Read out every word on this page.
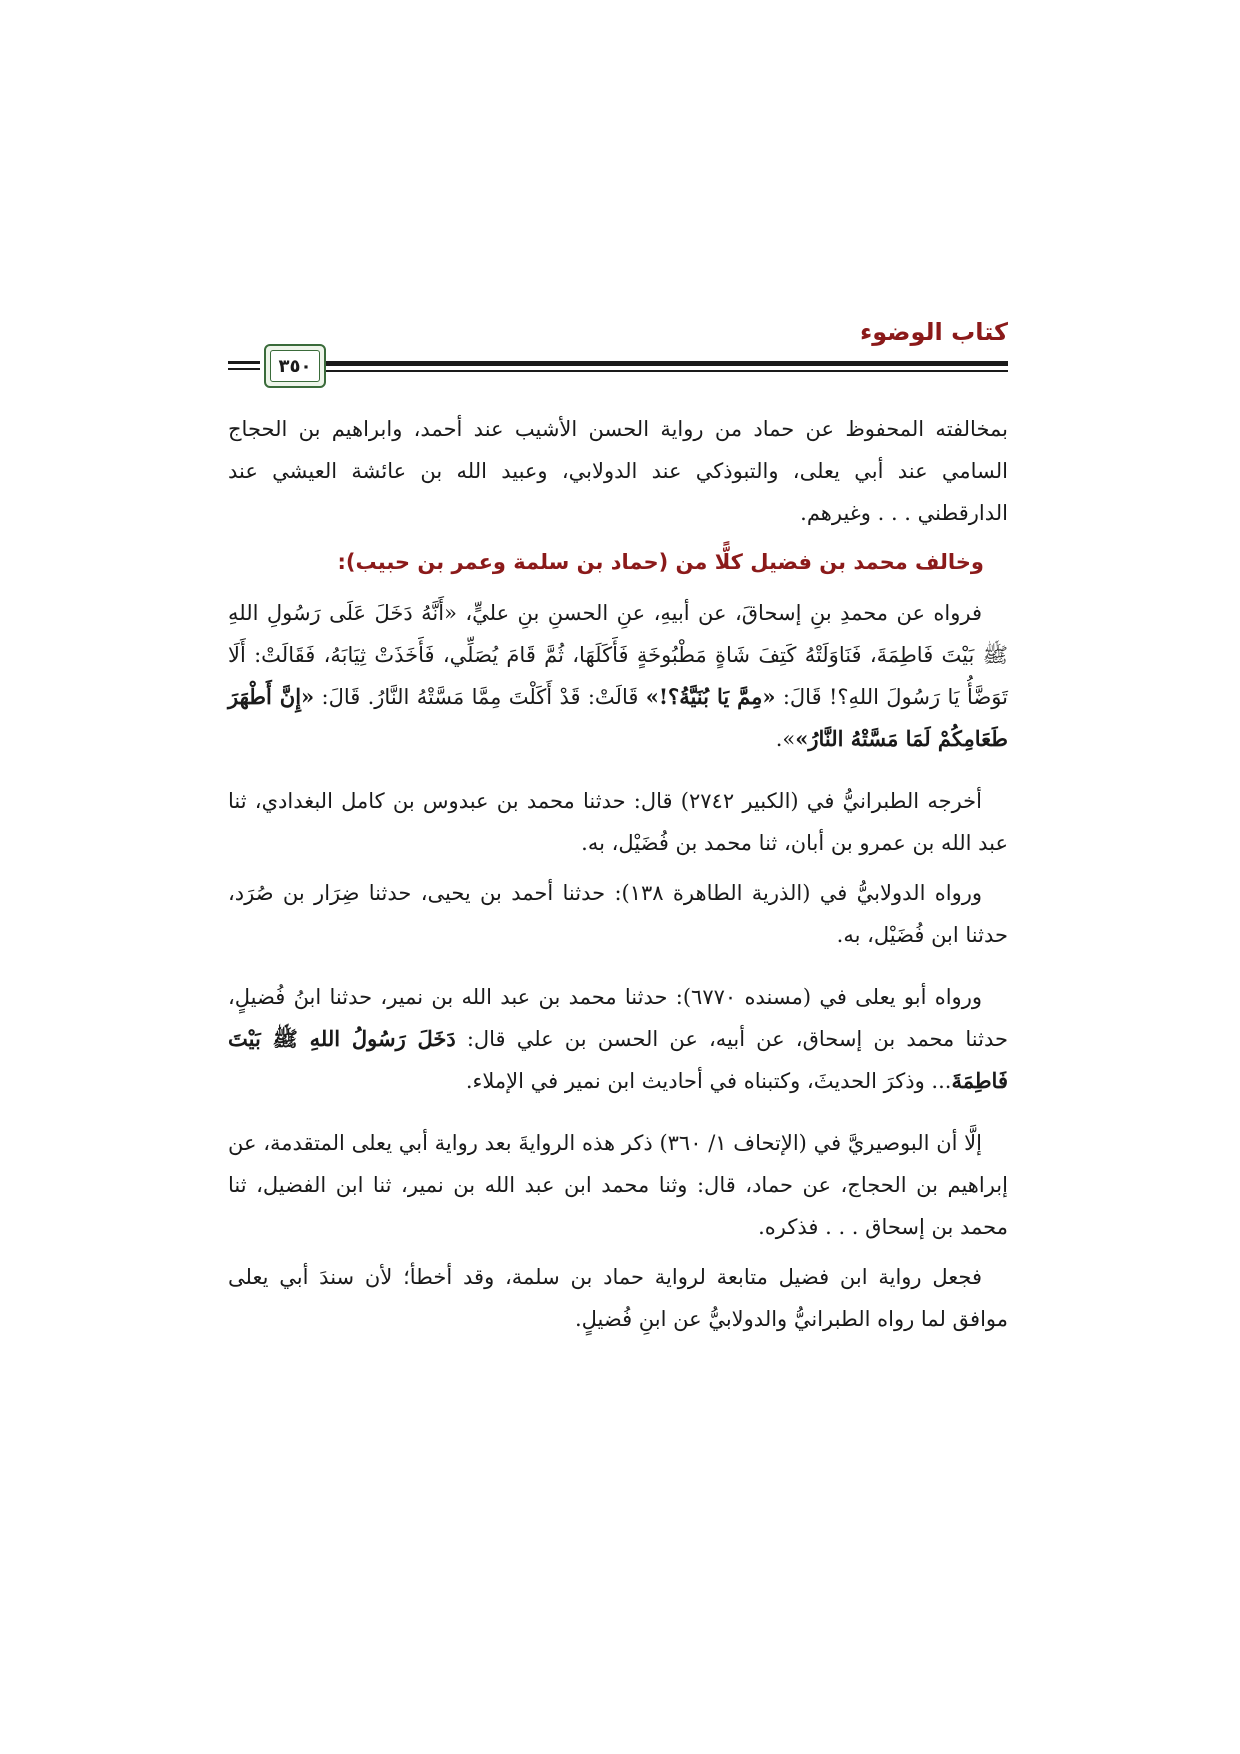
كتاب الوضوء
٣٥٠

بمخالفته المحفوظ عن حماد من رواية الحسن الأشيب عند أحمد، وابراهيم بن الحجاج السامي عند أبي يعلى، والتبوذكي عند الدولابي، وعبيد الله بن عائشة العيشي عند الدارقطني . . . وغيرهم.

وخالف محمد بن فضيل كلًّا من (حماد بن سلمة وعمر بن حبيب):

فرواه عن محمدِ بنِ إسحاقَ، عن أبيهِ، عنِ الحسنِ بنِ عليٍّ، «أَنَّهُ دَخَلَ عَلَى رَسُولِ اللهِ ﷺ بَيْتَ فَاطِمَةَ، فَنَاوَلَتْهُ كَتِفَ شَاةٍ مَطْبُوخَةٍ فَأَكَلَهَا، ثُمَّ قَامَ يُصَلِّي، فَأَخَذَتْ ثِيَابَهُ، فَقَالَتْ: أَلَا تَوَضَّأُ يَا رَسُولَ اللهِ؟! قَالَ: «مِمَّ يَا بُنَيَّةُ؟!» قَالَتْ: قَدْ أَكَلْتَ مِمَّا مَسَّتْهُ النَّارُ. قَالَ: «إِنَّ أَطْهَرَ طَعَامِكُمْ لَمَا مَسَّتْهُ النَّارُ»».

أخرجه الطبرانيُّ في (الكبير ٢٧٤٢) قال: حدثنا محمد بن عبدوس بن كامل البغدادي، ثنا عبد الله بن عمرو بن أبان، ثنا محمد بن فُضَيْل، به.

ورواه الدولابيُّ في (الذرية الطاهرة ١٣٨): حدثنا أحمد بن يحيى، حدثنا ضِرَار بن صُرَد، حدثنا ابن فُضَيْل، به.

ورواه أبو يعلى في (مسنده ٦٧٧٠): حدثنا محمد بن عبد الله بن نمير، حدثنا ابنُ فُضيلٍ، حدثنا محمد بن إسحاق، عن أبيه، عن الحسن بن علي قال: دَخَلَ رَسُولُ اللهِ ﷺ بَيْتَ فَاطِمَةَ... وذكرَ الحديثَ، وكتبناه في أحاديث ابن نمير في الإملاء.

إلَّا أن البوصيريَّ في (الإتحاف ١/ ٣٦٠) ذكر هذه الروايةَ بعد رواية أبي يعلى المتقدمة، عن إبراهيم بن الحجاج، عن حماد، قال: وثنا محمد ابن عبد الله بن نمير، ثنا ابن الفضيل، ثنا محمد بن إسحاق . . . فذكره.

فجعل رواية ابن فضيل متابعة لرواية حماد بن سلمة، وقد أخطأ؛ لأن سندَ أبي يعلى موافق لما رواه الطبرانيُّ والدولابيُّ عن ابنِ فُضيلٍ.
